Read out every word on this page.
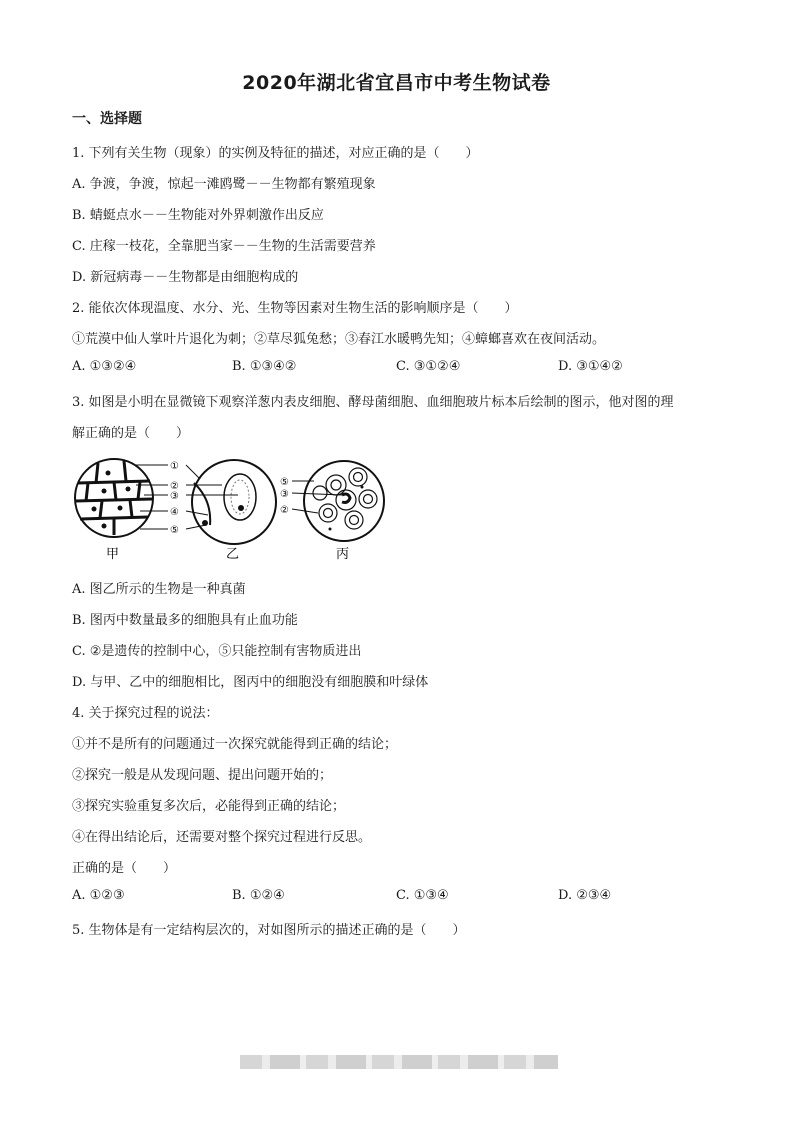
2020年湖北省宜昌市中考生物试卷
一、选择题
1. 下列有关生物（现象）的实例及特征的描述，对应正确的是（　　）
A. 争渡，争渡，惊起一滩鸥鹭－－生物都有繁殖现象
B. 蜻蜓点水－－生物能对外界刺激作出反应
C. 庄稼一枝花，全靠肥当家－－生物的生活需要营养
D. 新冠病毒－－生物都是由细胞构成的
2. 能依次体现温度、水分、光、生物等因素对生物生活的影响顺序是（　　）
①荒漠中仙人掌叶片退化为刺；②草尽狐兔愁；③春江水暖鸭先知；④蟑螂喜欢在夜间活动。
A. ①③②④	B. ①③④②	C. ③①②④	D. ③①④②
3. 如图是小明在显微镜下观察洋葱内表皮细胞、酵母菌细胞、血细胞玻片标本后绘制的图示，他对图的理
解正确的是（　　）
①
②
③
④
⑤
⑤
③
②
甲	乙	丙
A. 图乙所示的生物是一种真菌
B. 图丙中数量最多的细胞具有止血功能
C. ②是遗传的控制中心，⑤只能控制有害物质进出
D. 与甲、乙中的细胞相比，图丙中的细胞没有细胞膜和叶绿体
4. 关于探究过程的说法：
①并不是所有的问题通过一次探究就能得到正确的结论；
②探究一般是从发现问题、提出问题开始的；
③探究实验重复多次后，必能得到正确的结论；
④在得出结论后，还需要对整个探究过程进行反思。
正确的是（　　）
A. ①②③	B. ①②④	C. ①③④	D. ②③④
5. 生物体是有一定结构层次的，对如图所示的描述正确的是（　　）
